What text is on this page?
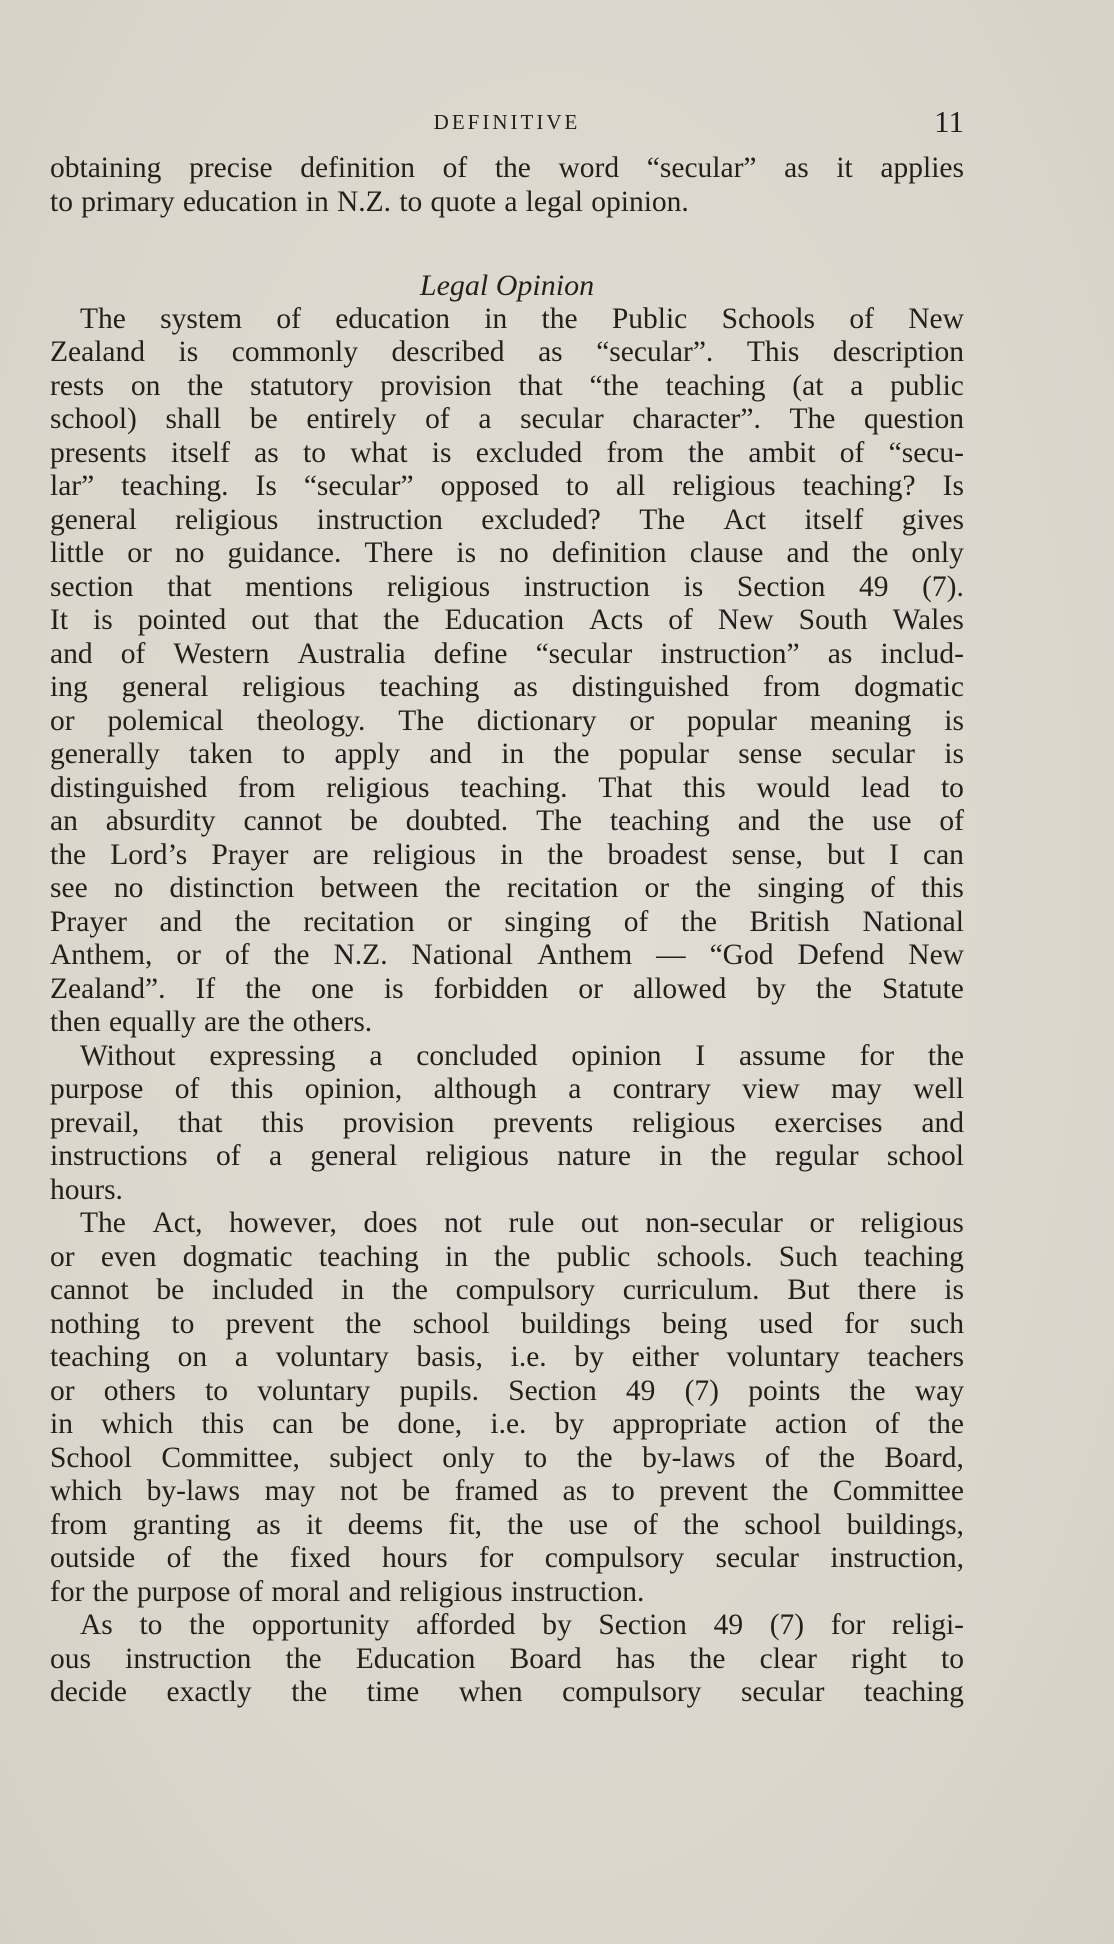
DEFINITIVE	11
obtaining precise definition of the word “secular” as it applies
to primary education in N.Z. to quote a legal opinion.
Legal Opinion
The system of education in the Public Schools of New
Zealand is commonly described as “secular”. This description
rests on the statutory provision that “the teaching (at a public
school) shall be entirely of a secular character”. The question
presents itself as to what is excluded from the ambit of “secu-
lar” teaching. Is “secular” opposed to all religious teaching? Is
general religious instruction excluded? The Act itself gives
little or no guidance. There is no definition clause and the only
section that mentions religious instruction is Section 49 (7).
It is pointed out that the Education Acts of New South Wales
and of Western Australia define “secular instruction” as includ-
ing general religious teaching as distinguished from dogmatic
or polemical theology. The dictionary or popular meaning is
generally taken to apply and in the popular sense secular is
distinguished from religious teaching. That this would lead to
an absurdity cannot be doubted. The teaching and the use of
the Lord’s Prayer are religious in the broadest sense, but I can
see no distinction between the recitation or the singing of this
Prayer and the recitation or singing of the British National
Anthem, or of the N.Z. National Anthem — “God Defend New
Zealand”. If the one is forbidden or allowed by the Statute
then equally are the others.
Without expressing a concluded opinion I assume for the
purpose of this opinion, although a contrary view may well
prevail, that this provision prevents religious exercises and
instructions of a general religious nature in the regular school
hours.
The Act, however, does not rule out non-secular or religious
or even dogmatic teaching in the public schools. Such teaching
cannot be included in the compulsory curriculum. But there is
nothing to prevent the school buildings being used for such
teaching on a voluntary basis, i.e. by either voluntary teachers
or others to voluntary pupils. Section 49 (7) points the way
in which this can be done, i.e. by appropriate action of the
School Committee, subject only to the by-laws of the Board,
which by-laws may not be framed as to prevent the Committee
from granting as it deems fit, the use of the school buildings,
outside of the fixed hours for compulsory secular instruction,
for the purpose of moral and religious instruction.
As to the opportunity afforded by Section 49 (7) for religi-
ous instruction the Education Board has the clear right to
decide exactly the time when compulsory secular teaching
